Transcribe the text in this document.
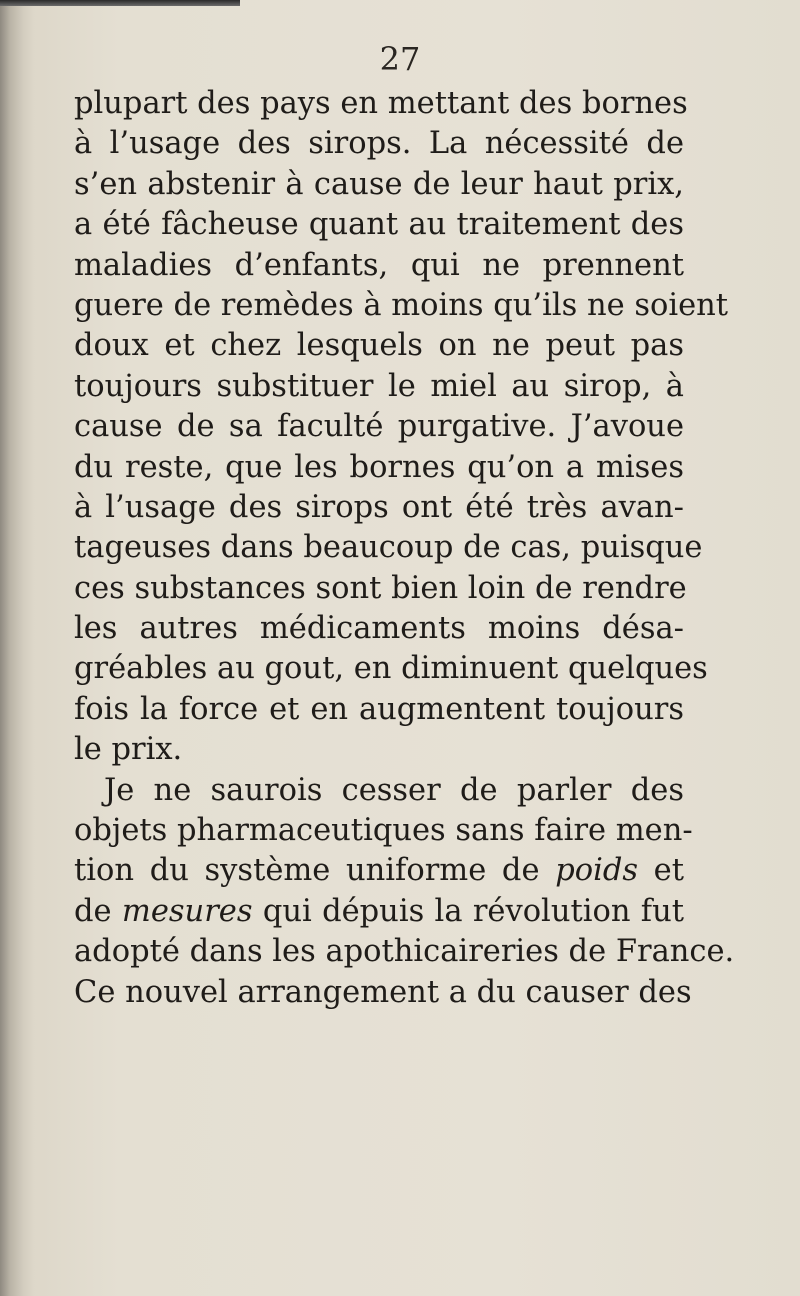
27
plupart des pays en mettant des bornes
à l’usage des sirops. La nécessité de
s’en abstenir à cause de leur haut prix,
a été fâcheuse quant au traitement des
maladies d’enfants, qui ne prennent
guere de remèdes à moins qu’ils ne soient
doux et chez lesquels on ne peut pas
toujours substituer le miel au sirop, à
cause de sa faculté purgative. J’avoue
du reste, que les bornes qu’on a mises
à l’usage des sirops ont été très avan-
tageuses dans beaucoup de cas, puisque
ces substances sont bien loin de rendre
les autres médicaments moins désa-
gréables au gout, en diminuent quelques
fois la force et en augmentent toujours
le prix.
Je ne saurois cesser de parler des
objets pharmaceutiques sans faire men-
tion du système uniforme de poids et
de mesures qui dépuis la révolution fut
adopté dans les apothicaireries de France.
Ce nouvel arrangement a du causer des
